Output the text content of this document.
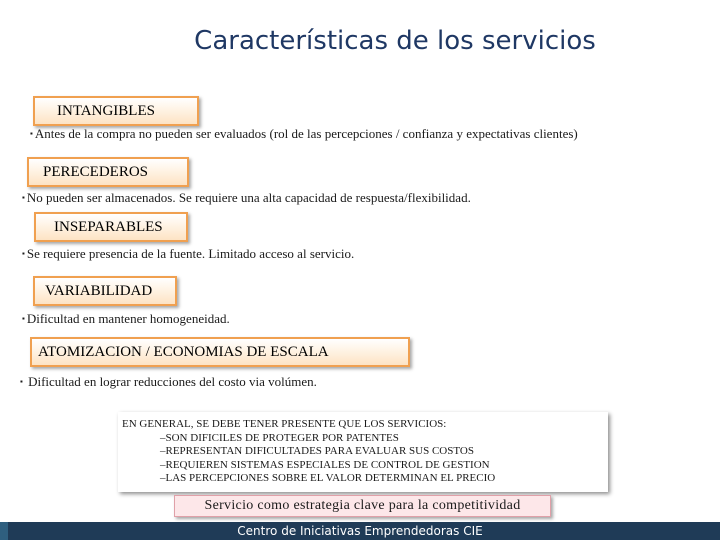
Características de los servicios
INTANGIBLES
▪ Antes de la compra no pueden ser evaluados (rol de las percepciones / confianza y expectativas clientes)
PERECEDEROS
▪ No pueden ser almacenados. Se requiere una alta capacidad de respuesta/flexibilidad.
INSEPARABLES
▪ Se requiere presencia de la fuente. Limitado acceso al servicio.
VARIABILIDAD
▪ Dificultad en mantener homogeneidad.
ATOMIZACION / ECONOMIAS DE ESCALA
▪ Dificultad en lograr reducciones del costo via volúmen.
EN GENERAL, SE DEBE TENER PRESENTE QUE LOS SERVICIOS:
–SON DIFICILES DE PROTEGER POR PATENTES
–REPRESENTAN DIFICULTADES PARA EVALUAR SUS COSTOS
–REQUIEREN SISTEMAS ESPECIALES DE CONTROL DE GESTION
–LAS PERCEPCIONES SOBRE EL VALOR DETERMINAN EL PRECIO
Servicio como estrategia clave para la competitividad
Centro de Iniciativas Emprendedoras CIE
